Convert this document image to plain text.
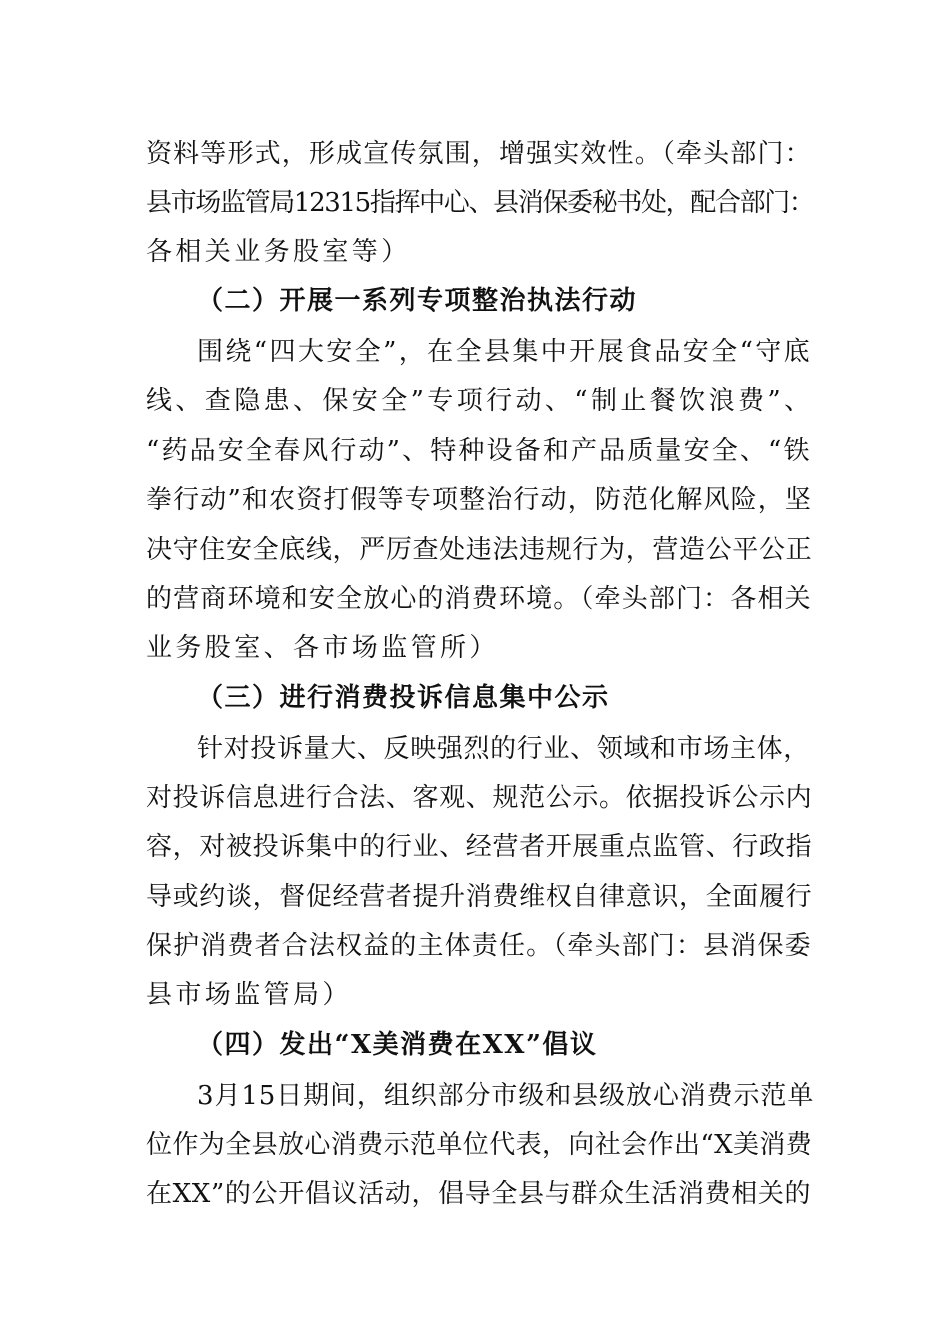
资料等形式，形成宣传氛围，增强实效性。（牵头部门：
县市场监管局12315指挥中心、县消保委秘书处，配合部门：
各相关业务股室等）
（二）开展一系列专项整治执法行动
围绕“四大安全”，在全县集中开展食品安全“守底
线、查隐患、保安全”专项行动、“制止餐饮浪费”、
“药品安全春风行动”、特种设备和产品质量安全、“铁
拳行动”和农资打假等专项整治行动，防范化解风险，坚
决守住安全底线，严厉查处违法违规行为，营造公平公正
的营商环境和安全放心的消费环境。（牵头部门：各相关
业务股室、各市场监管所）
（三）进行消费投诉信息集中公示
针对投诉量大、反映强烈的行业、领域和市场主体，
对投诉信息进行合法、客观、规范公示。依据投诉公示内
容，对被投诉集中的行业、经营者开展重点监管、行政指
导或约谈，督促经营者提升消费维权自律意识，全面履行
保护消费者合法权益的主体责任。（牵头部门：县消保委
县市场监管局）
（四）发出“X美消费在XX”倡议
3月15日期间，组织部分市级和县级放心消费示范单
位作为全县放心消费示范单位代表，向社会作出“X美消费
在XX”的公开倡议活动，倡导全县与群众生活消费相关的
